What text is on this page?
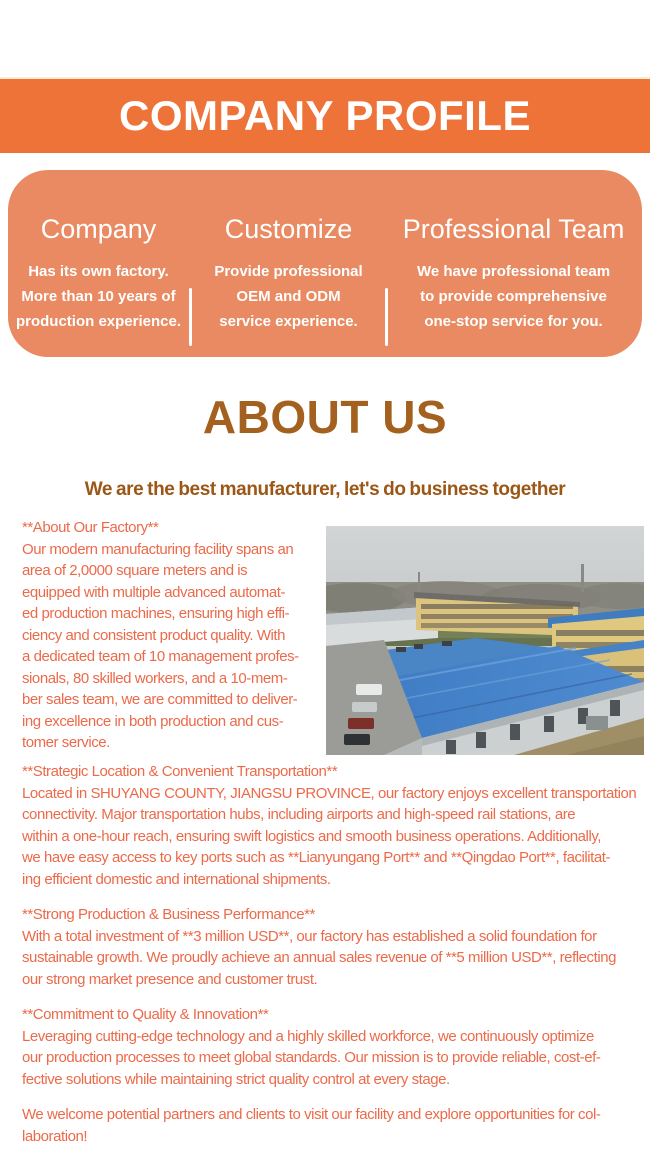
COMPANY PROFILE
Company
Has its own factory.
More than 10 years of
production experience.
Customize
Provide professional
OEM and ODM
service experience.
Professional Team
We have professional team
to provide comprehensive
one-stop service for you.
ABOUT US
We are the best manufacturer, let's do business together
**About Our Factory**
Our modern manufacturing facility spans an
area of 2,0000 square meters and is
equipped with multiple advanced automat-
ed production machines, ensuring high effi-
ciency and consistent product quality. With
a dedicated team of 10 management profes-
sionals, 80 skilled workers, and a 10-mem-
ber sales team, we are committed to deliver-
ing excellence in both production and cus-
tomer service.
**Strategic Location & Convenient Transportation**
Located in SHUYANG COUNTY, JIANGSU PROVINCE, our factory enjoys excellent transportation
connectivity. Major transportation hubs, including airports and high-speed rail stations, are
within a one-hour reach, ensuring swift logistics and smooth business operations. Additionally,
we have easy access to key ports such as **Lianyungang Port** and **Qingdao Port**, facilitat-
ing efficient domestic and international shipments.
**Strong Production & Business Performance**
With a total investment of **3 million USD**, our factory has established a solid foundation for
sustainable growth. We proudly achieve an annual sales revenue of **5 million USD**, reflecting
our strong market presence and customer trust.
**Commitment to Quality & Innovation**
Leveraging cutting-edge technology and a highly skilled workforce, we continuously optimize
our production processes to meet global standards. Our mission is to provide reliable, cost-ef-
fective solutions while maintaining strict quality control at every stage.
We welcome potential partners and clients to visit our facility and explore opportunities for col-
laboration!
